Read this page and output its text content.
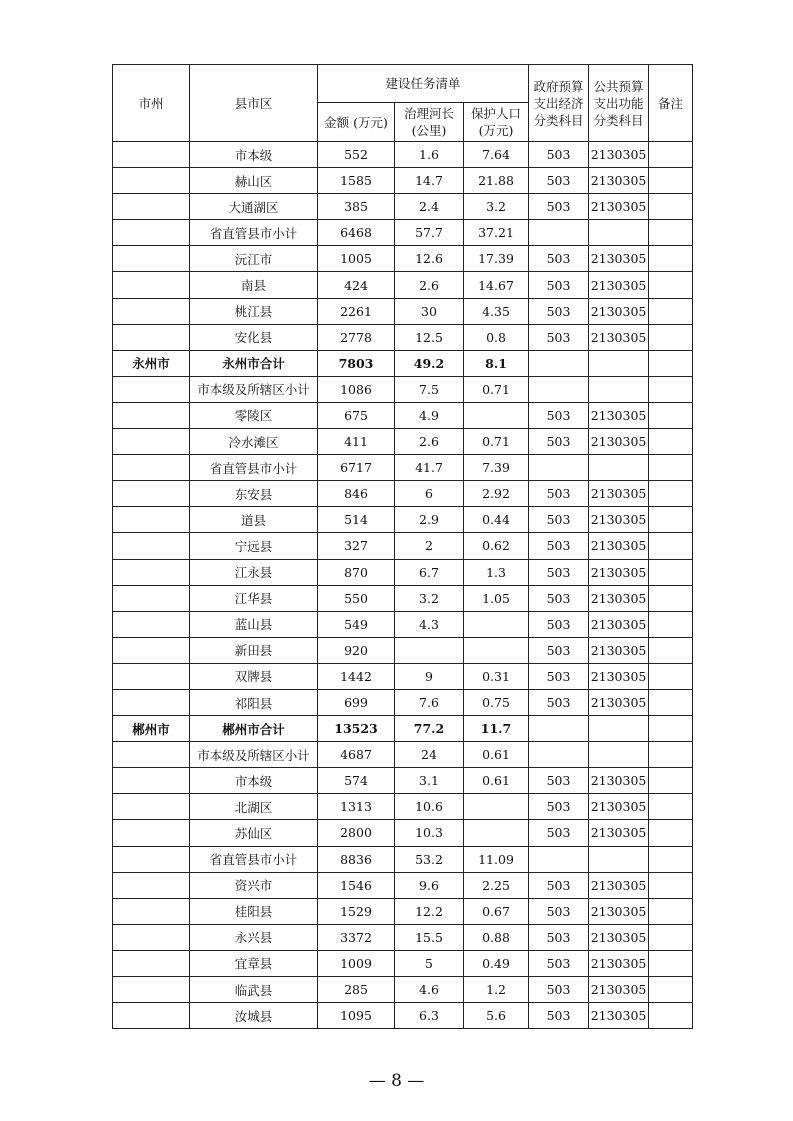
市州	县市区	建设任务清单			政府预算 支出经济 分类科目	公共预算 支出功能 分类科目	备注
		金额 (万元)	治理河长 (公里)	保护人口 (万元)			
	市本级	552	1.6	7.64	503	2130305	
	赫山区	1585	14.7	21.88	503	2130305	
	大通湖区	385	2.4	3.2	503	2130305	
	省直管县市小计	6468	57.7	37.21			
	沅江市	1005	12.6	17.39	503	2130305	
	南县	424	2.6	14.67	503	2130305	
	桃江县	2261	30	4.35	503	2130305	
	安化县	2778	12.5	0.8	503	2130305	
永州市	永州市合计	7803	49.2	8.1			
	市本级及所辖区小计	1086	7.5	0.71			
	零陵区	675	4.9		503	2130305	
	冷水滩区	411	2.6	0.71	503	2130305	
	省直管县市小计	6717	41.7	7.39			
	东安县	846	6	2.92	503	2130305	
	道县	514	2.9	0.44	503	2130305	
	宁远县	327	2	0.62	503	2130305	
	江永县	870	6.7	1.3	503	2130305	
	江华县	550	3.2	1.05	503	2130305	
	蓝山县	549	4.3		503	2130305	
	新田县	920			503	2130305	
	双牌县	1442	9	0.31	503	2130305	
	祁阳县	699	7.6	0.75	503	2130305	
郴州市	郴州市合计	13523	77.2	11.7			
	市本级及所辖区小计	4687	24	0.61			
	市本级	574	3.1	0.61	503	2130305	
	北湖区	1313	10.6		503	2130305	
	苏仙区	2800	10.3		503	2130305	
	省直管县市小计	8836	53.2	11.09			
	资兴市	1546	9.6	2.25	503	2130305	
	桂阳县	1529	12.2	0.67	503	2130305	
	永兴县	3372	15.5	0.88	503	2130305	
	宜章县	1009	5	0.49	503	2130305	
	临武县	285	4.6	1.2	503	2130305	
	汝城县	1095	6.3	5.6	503	2130305	
— 8 —
